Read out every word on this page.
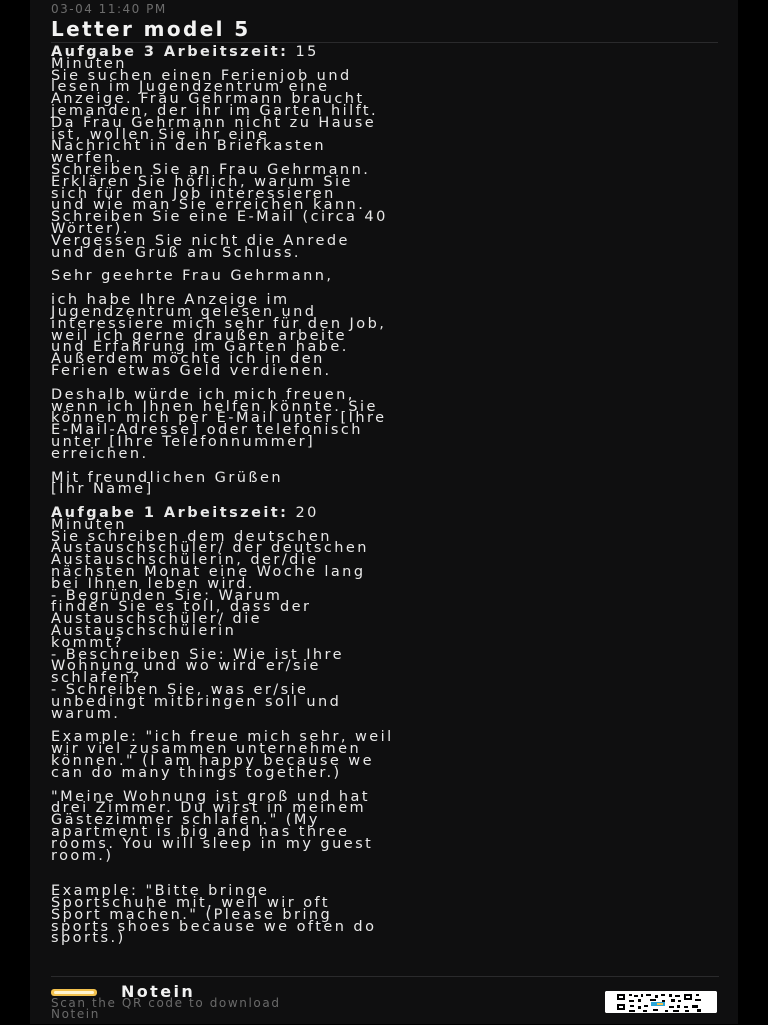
03-04 11:40 PM
Letter model 5

Aufgabe 3 Arbeitszeit: 15
Minuten
Sie suchen einen Ferienjob und
lesen im Jugendzentrum eine
Anzeige. Frau Gehrmann braucht
jemanden, der ihr im Garten hilft.
Da Frau Gehrmann nicht zu Hause
ist, wollen Sie ihr eine
Nachricht in den Briefkasten
werfen.
Schreiben Sie an Frau Gehrmann.
Erklären Sie höflich, warum Sie
sich für den Job interessieren
und wie man Sie erreichen kann.
Schreiben Sie eine E-Mail (circa 40
Wörter).
Vergessen Sie nicht die Anrede
und den Gruß am Schluss.

Sehr geehrte Frau Gehrmann,

ich habe Ihre Anzeige im
Jugendzentrum gelesen und
interessiere mich sehr für den Job,
weil ich gerne draußen arbeite
und Erfahrung im Garten habe.
Außerdem möchte ich in den
Ferien etwas Geld verdienen.

Deshalb würde ich mich freuen,
wenn ich Ihnen helfen könnte. Sie
können mich per E-Mail unter [Ihre
E-Mail-Adresse] oder telefonisch
unter [Ihre Telefonnummer]
erreichen.

Mit freundlichen Grüßen
[Ihr Name]

Aufgabe 1 Arbeitszeit: 20
Minuten
Sie schreiben dem deutschen
Austauschschüler/ der deutschen
Austauschschülerin, der/die
nächsten Monat eine Woche lang
bei Ihnen leben wird.
- Begründen Sie: Warum
finden Sie es toll, dass der
Austauschschüler/ die
Austauschschülerin
kommt?
- Beschreiben Sie: Wie ist Ihre
Wohnung und wo wird er/sie
schlafen?
- Schreiben Sie, was er/sie
unbedingt mitbringen soll und
warum.

Example: "ich freue mich sehr, weil
wir viel zusammen unternehmen
können." (I am happy because we
can do many things together.)

"Meine Wohnung ist groß und hat
drei Zimmer. Du wirst in meinem
Gästezimmer schlafen." (My
apartment is big and has three
rooms. You will sleep in my guest
room.)

Example: "Bitte bringe
Sportschuhe mit, weil wir oft
Sport machen." (Please bring
sports shoes because we often do
sports.)

Notein
Scan the QR code to download
Notein
